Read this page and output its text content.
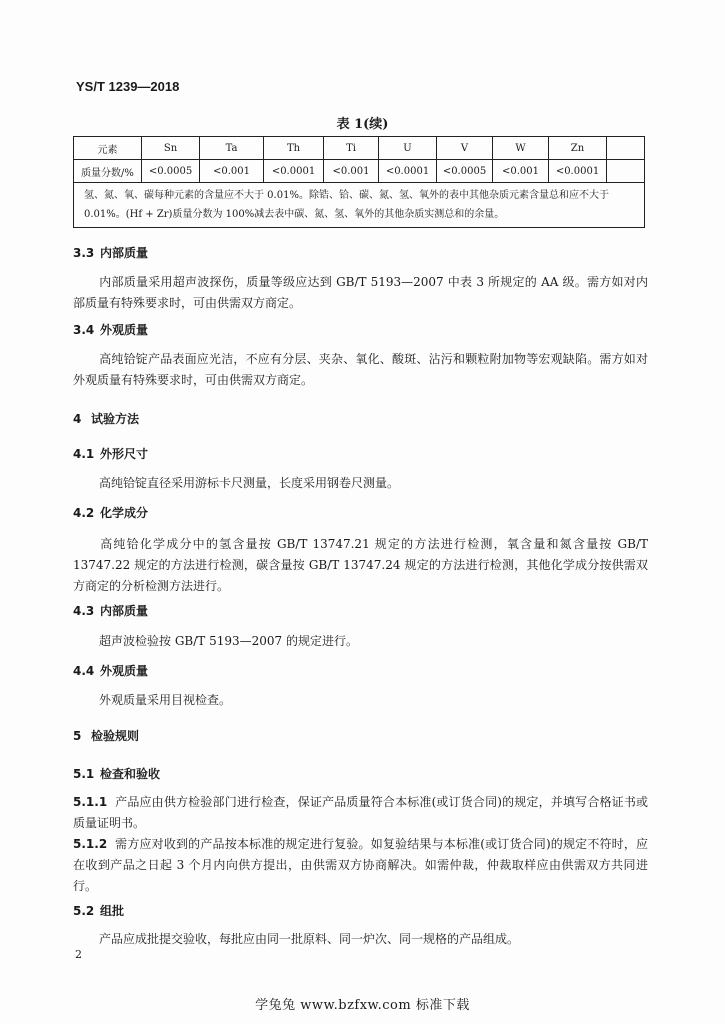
YS/T 1239—2018
表 1(续)
元素	Sn	Ta	Th	Ti	U	V	W	Zn	
质量分数/%	<0.0005	<0.001	<0.0001	<0.001	<0.0001	<0.0005	<0.001	<0.0001	
氢、氮、氧、碳每种元素的含量应不大于 0.01%。除锆、铪、碳、氮、氢、氧外的表中其他杂质元素含量总和应不大于 0.01%。(Hf + Zr)质量分数为 100%减去表中碳、氮、氢、氧外的其他杂质实测总和的余量。									
3.3 内部质量
内部质量采用超声波探伤，质量等级应达到 GB/T 5193—2007 中表 3 所规定的 AA 级。需方如对内部质量有特殊要求时，可由供需双方商定。
3.4 外观质量
高纯铪锭产品表面应光洁，不应有分层、夹杂、氧化、酸斑、沾污和颗粒附加物等宏观缺陷。需方如对外观质量有特殊要求时，可由供需双方商定。
4 试验方法
4.1 外形尺寸
高纯铪锭直径采用游标卡尺测量，长度采用钢卷尺测量。
4.2 化学成分
高纯铪化学成分中的氢含量按 GB/T 13747.21 规定的方法进行检测，氧含量和氮含量按 GB/T 13747.22 规定的方法进行检测，碳含量按 GB/T 13747.24 规定的方法进行检测，其他化学成分按供需双方商定的分析检测方法进行。
4.3 内部质量
超声波检验按 GB/T 5193—2007 的规定进行。
4.4 外观质量
外观质量采用目视检查。
5 检验规则
5.1 检查和验收
5.1.1 产品应由供方检验部门进行检查，保证产品质量符合本标准(或订货合同)的规定，并填写合格证书或质量证明书。
5.1.2 需方应对收到的产品按本标准的规定进行复验。如复验结果与本标准(或订货合同)的规定不符时，应在收到产品之日起 3 个月内向供方提出，由供需双方协商解决。如需仲裁，仲裁取样应由供需双方共同进行。
5.2 组批
产品应成批提交验收，每批应由同一批原料、同一炉次、同一规格的产品组成。
2
学兔兔 www.bzfxw.com 标准下载
